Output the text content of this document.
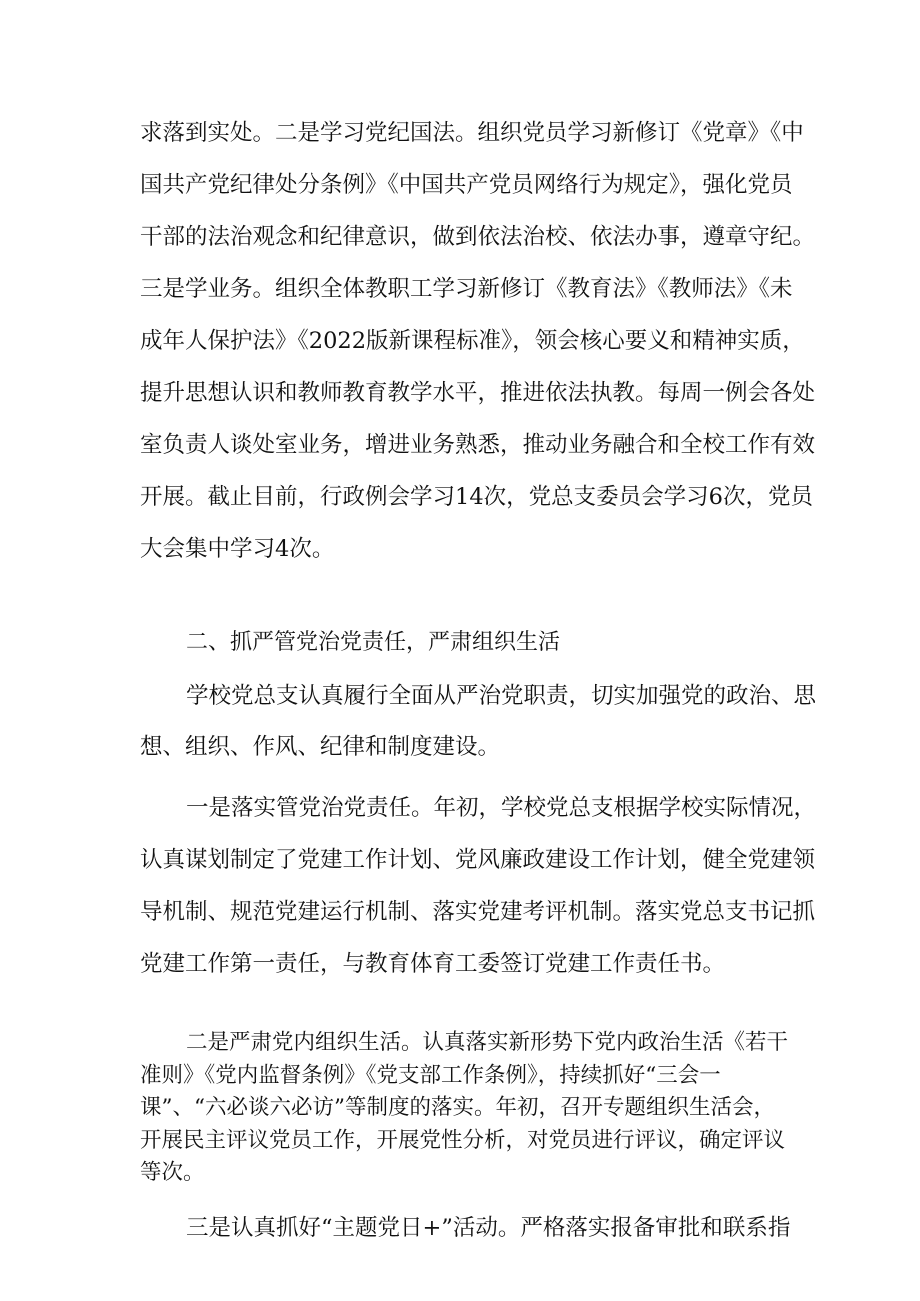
求落到实处。二是学习党纪国法。组织党员学习新修订《党章》《中
国共产党纪律处分条例》《中国共产党员网络行为规定》，强化党员
干部的法治观念和纪律意识，做到依法治校、依法办事，遵章守纪。
三是学业务。组织全体教职工学习新修订《教育法》《教师法》《未
成年人保护法》《2022版新课程标准》，领会核心要义和精神实质，
提升思想认识和教师教育教学水平，推进依法执教。每周一例会各处
室负责人谈处室业务，增进业务熟悉，推动业务融合和全校工作有效
开展。截止目前，行政例会学习14次，党总支委员会学习6次，党员
大会集中学习4次。
二、抓严管党治党责任，严肃组织生活
学校党总支认真履行全面从严治党职责，切实加强党的政治、思
想、组织、作风、纪律和制度建设。
一是落实管党治党责任。年初，学校党总支根据学校实际情况，
认真谋划制定了党建工作计划、党风廉政建设工作计划，健全党建领
导机制、规范党建运行机制、落实党建考评机制。落实党总支书记抓
党建工作第一责任，与教育体育工委签订党建工作责任书。
二是严肃党内组织生活。认真落实新形势下党内政治生活《若干
准则》《党内监督条例》《党支部工作条例》，持续抓好“三会一
课”、“六必谈六必访”等制度的落实。年初，召开专题组织生活会，
开展民主评议党员工作，开展党性分析，对党员进行评议，确定评议
等次。
三是认真抓好“主题党日+”活动。严格落实报备审批和联系指
